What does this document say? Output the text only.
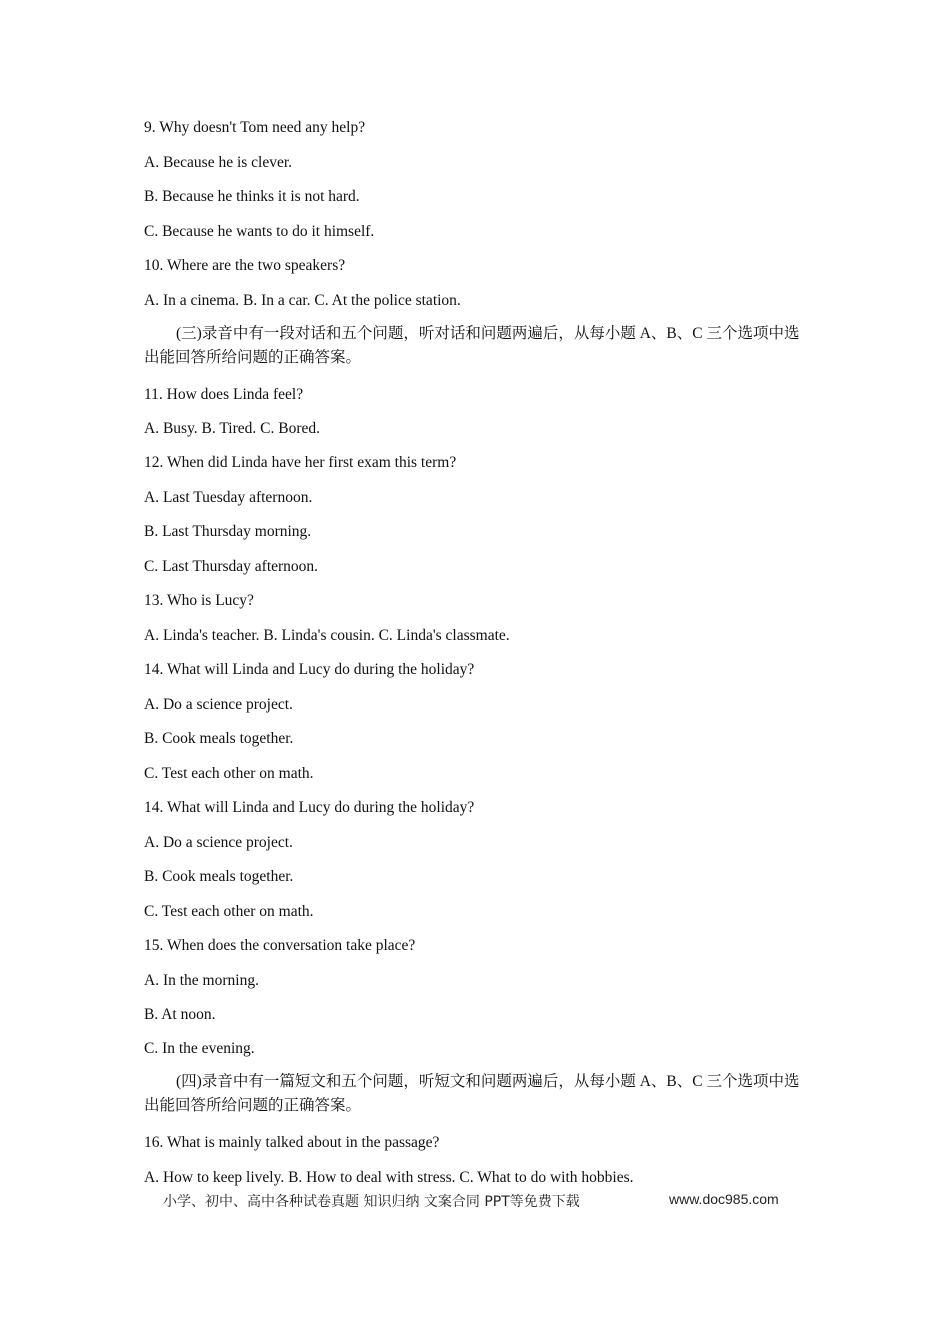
9. Why doesn't Tom need any help?
A. Because he is clever.
B. Because he thinks it is not hard.
C. Because he wants to do it himself.
10. Where are the two speakers?
A. In a cinema. B. In a car. C. At the police station.
(三)录音中有一段对话和五个问题，听对话和问题两遍后，从每小题 A、B、C 三个选项中选出能回答所给问题的正确答案。
11. How does Linda feel?
A. Busy. B. Tired. C. Bored.
12. When did Linda have her first exam this term?
A. Last Tuesday afternoon.
B. Last Thursday morning.
C. Last Thursday afternoon.
13. Who is Lucy?
A. Linda's teacher. B. Linda's cousin. C. Linda's classmate.
14. What will Linda and Lucy do during the holiday?
A. Do a science project.
B. Cook meals together.
C. Test each other on math.
14. What will Linda and Lucy do during the holiday?
A. Do a science project.
B. Cook meals together.
C. Test each other on math.
15. When does the conversation take place?
A. In the morning.
B. At noon.
C. In the evening.
(四)录音中有一篇短文和五个问题，听短文和问题两遍后，从每小题 A、B、C 三个选项中选出能回答所给问题的正确答案。
16. What is mainly talked about in the passage?
A. How to keep lively. B. How to deal with stress. C. What to do with hobbies.
小学、初中、高中各种试卷真题 知识归纳 文案合同 PPT等免费下载	www.doc985.com
